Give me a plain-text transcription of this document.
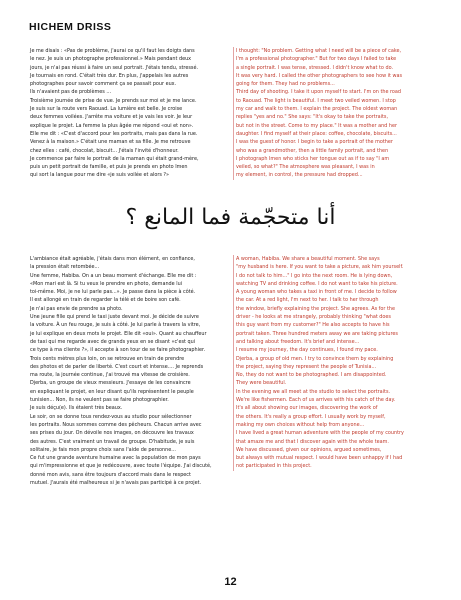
HICHEM DRISS

Je me disais : «Pas de problème, j'aurai ce qu'il faut les doigts dans

le nez. Je suis un photographe professionnel.» Mais pendant deux

jours, je n'ai pas réussi à faire un seul portrait. J'étais tendu, stressé.

Je tournais en rond. C'était très dur. En plus, j'appelais les autres

photographes pour savoir comment ça se passait pour eux.

Ils n'avaient pas de problèmes ...

Troisième journée de prise de vue. Je prends sur moi et je me lance.

Je suis sur la route vers Raouad. La lumière est belle. Je croise

deux femmes voilées. J'arrête ma voiture et je vais les voir. Je leur

explique le projet. La femme la plus âgée me répond «oui et non».

Elle me dit : «C'est d'accord pour les portraits, mais pas dans la rue.

Venez à la maison.» C'était une maman et sa fille. Je me retrouve

chez elles : café, chocolat, biscuit... J'étais l'invité d'honneur.

Je commence par faire le portrait de la maman qui était grand-mère,

puis un petit portrait de famille, et puis je prends en photo Imen

qui sort la langue pour me dire «je suis voilée et alors ?»

I thought: "No problem. Getting what I need will be a piece of cake,

I'm a professional photographer." But for two days I failed to take

a single portrait. I was tense, stressed. I didn't know what to do.

It was very hard. I called the other photographers to see how it was

going for them. They had no problems...

Third day of shooting. I take it upon myself to start. I'm on the road

to Raouad. The light is beautiful. I meet two veiled women. I stop

my car and walk to them. I explain the project. The oldest woman

replies "yes and no." She says: "It's okay to take the portraits,

but not in the street. Come to my place." It was a mother and her

daughter. I find myself at their place: coffee, chocolate, biscuits...

I was the guest of honor. I begin to take a portrait of the mother

who was a grandmother, then a little family portrait, and then

I photograph Imen who sticks her tongue out as if to say "I am

veiled, so what?" The atmosphere was pleasant, I was in

my element, in control, the pressure had dropped...

أنا متحجّمة فما المانع ؟

L'ambiance était agréable, j'étais dans mon élément, en confiance,

la pression était retombée...

Une femme, Habiba. On a un beau moment d'échange. Elle me dit :

«Mon mari est là. Si tu veux le prendre en photo, demande lui

toi-même. Moi, je ne lui parle pas...». Je passe dans la pièce à côté.

Il est allongé en train de regarder la télé et de boire son café.

Je n'ai pas envie de prendre sa photo.

Une jeune fille qui prend le taxi juste devant moi. Je décide de suivre

la voiture. À un feu rouge, je suis à côté. Je lui parle à travers la vitre,

je lui explique en deux mots le projet. Elle dit «oui». Quant au chauffeur

de taxi qui me regarde avec de grands yeux en se disant «c'est qui

ce type à ma cliente ?», il accepte à son tour de se faire photographier.

Trois cents mètres plus loin, on se retrouve en train de prendre

des photos et de parler de liberté. C'est court et intense.... Je reprends

ma route, la journée continue, j'ai trouvé ma vitesse de croisière.

Djerba, un groupe de vieux messieurs. J'essaye de les convaincre

en expliquant le projet, en leur disant qu'ils représentent le peuple

tunisien... Non, ils ne veulent pas se faire photographier.

Je suis déçu(e). Ils étaient très beaux.

Le soir, on se donne tous rendez-vous au studio pour sélectionner

les portraits. Nous sommes comme des pêcheurs. Chacun arrive avec

ses prises du jour. On dévoile nos images, on découvre les travaux

des autres. C'est vraiment un travail de groupe. D'habitude, je suis

solitaire, je fais mon propre choix sans l'aide de personne...

Ce fut une grande aventure humaine avec la population de mon pays

qui m'impressionne et que je redécouvre, avec toute l'équipe. J'ai discuté,

donné mon avis, sans être toujours d'accord mais dans le respect

mutuel. J'aurais été malheureux si je n'avais pas participé à ce projet.

A woman, Habiba. We share a beautiful moment. She says

"my husband is here. If you want to take a picture, ask him yourself.

I do not talk to him..." I go into the next room. He is lying down,

watching TV and drinking coffee. I do not want to take his picture.

A young woman who takes a taxi in front of me. I decide to follow

the car. At a red light, I'm next to her. I talk to her through

the window, briefly explaining the project. She agrees. As for the

driver - he looks at me strangely, probably thinking "what does

this guy want from my customer?" He also accepts to have his

portrait taken. Three hundred meters away we are taking pictures

and talking about freedom. It's brief and intense...

I resume my journey, the day continues, I found my pace.

Djerba, a group of old men. I try to convince them by explaining

the project, saying they represent the people of Tunisia...

No, they do not want to be photographed. I am disappointed.

They were beautiful.

In the evening we all meet at the studio to select the portraits.

We're like fishermen. Each of us arrives with his catch of the day.

It's all about showing our images, discovering the work of

the others. It's really a group effort. I usually work by myself,

making my own choices without help from anyone...

I have lived a great human adventure with the people of my country

that amaze me and that I discover again with the whole team.

We have discussed, given our opinions, argued sometimes,

but always with mutual respect. I would have been unhappy if I had

not participated in this project.

12
